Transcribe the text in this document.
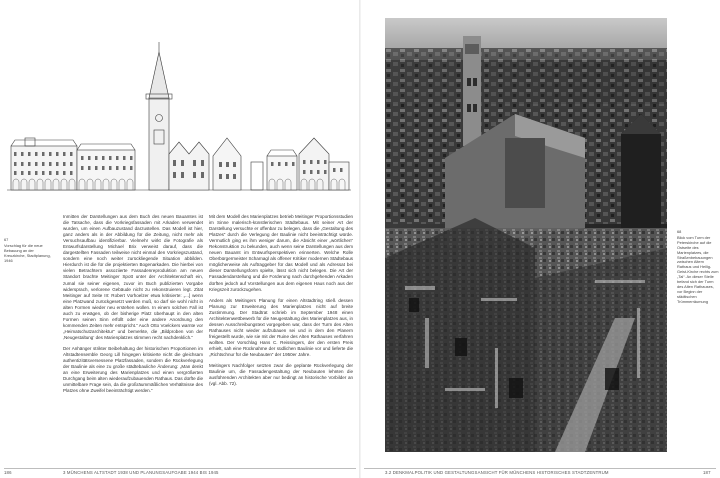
67
Vorschlag für die neue Bebauung an der Kreuzkirche, Stadtplanung, 1946

Inmitten der Darstellungen aus dem Buch des neuen Bauamtes ist die Tatsache, dass die Vorkriegsfassaden mit Arkaden verwendet wurden, um einen Aufbauzustand darzustellen. Das Modell ist hier, ganz anders als in der Abbildung für die Zeitung, nicht mehr als Versuchsaufbau identifizierbar. Vielmehr wirkt die Fotografie als Entwurfsdarstellung Michael Brix verweist darauf, dass die dargestellten Fassaden teilweise nicht einmal den Vorkriegszustand, sondern eine noch weiter zurückliegende Situation abbilden. Hierdurch ist die für die projektierten Bogenarkaden. Die hierbei von vielen Betrachtern assoziierte Fassadenreproduktion am neuen Standort brachte Meitinger Spott unter der Architektenschaft ein, zumal sie seiner eigenen, zuvor im Buch publizierten Vorgabe widersprach, verlorene Gebäude nicht zu rekonstruieren legt. Zitat Meitinger auf Seite III: Robert Vorhoelzer etwa kritisierte: „...] wenn eine Platzwand zurückgesetzt werden muß, so darf sie wohl nicht in alten Formen wieder neu erstehen wollen. In einem solchen Fall ist auch zu erwägen, ob der bisherige Platz überhaupt in den alten Formen seinen Sinn erfüllt oder eine andere Anordnung den kommenden Zeiten mehr entspricht.“ Auch Otto Voelckers warnte vor „Heimatschutzarchitektur“ und bemerkte, die „Bildproben von der ‚Neugestaltung‘ des Marienplatzes stimmen recht nachdenklich.“

Der Anhänger strikter Beibehaltung der historischen Proportionen im Altstadtensemble Georg Lill hingegen kritisierte nicht die gleichsam authentizitätsversessene Platzfassaden, sondern die Rückverlegung der Baulinie als eine zu große städtebauliche Änderung: „Man denkt an eine Erweiterung des Marienplatzes und einen vergrößerten Durchgang beim alten wiederaufzubauenden Rathaus. Das dürfte die unmittelbare Frage sein, da die großräummäßlichen Verhältnisse des Platzes ohne Zweifel beeinträchtigt werden.“

Mit dem Modell des Marienplatzes betrieb Meitinger Proportionsstudien im Sinne malerisch-künstlerischen Städtebaus. Mit seiner Art der Darstellung versuchte er offenbar zu belegen, dass die „Gestaltung des Platzes“ durch die Verlegung der Baulinie nicht beeinträchtigt würde. Vermutlich ging es ihm weniger darum, die Absicht einer „wörtlichen“ Rekonstruktion zu bekunden, auch wenn seine Darstellungen aus dem neuen Bauamt im Entwurfsperspektiven erinnerten. Welche Rolle Oberbürgermeister Scharnagl als offener Kritiker modernen Städtebaus möglicherweise als Auftraggeber für das Modell und als Adressat bei dieser Darstellungsform spielte, lässt sich nicht belegen. Die Art der Fassadendarstellung und die Forderung nach durchgehenden Arkaden dürften jedoch auf Vorstellungen aus dem eigenen Haus noch aus der Kriegszeit zurückzugehen.

Anders als Meitingers Planung für einen Altstadtring stieß dessen Planung zur Erweiterung des Marienplatzes nicht auf breite Zustimmung. Der Stadtrat schrieb im September 1948 einen Architektenwettbewerb für die Neugestaltung des Marienplatzes aus, in dessen Ausschreibungstext vorgegeben war, dass der Turm des Alten Rathauses nicht wieder aufzubauen sei und in dem den Planern freigestellt wurde, wie sie mit der Ruine des Alten Rathauses verfahren wollten. Der Vorschlag Hans C. Reissingers, der den ersten Preis erhielt, sah eine Rücknahme der südlichen Baulinie vor und lieferte die „Richtschnur für die Neubauten“ der 1950er Jahre.

Meitingers Nachfolger setzten zwar die geplante Rückverlegung der Baulinie um, die Fassadengestaltung der Neubauten lehnten die ausführenden Architekten aber nur bedingt an historische Vorbilder an (vgl. Abb. 72).

186	3 MÜNCHENS ALTSTADT 1938 UND PLANUNGSAUFGABE 1944 BIS 1945
68
Blick vom Turm der Peterskirche auf die Ostseite des Marienplatzes, die Straßenbebauungen zwischen Altem Rathaus und Heilig-Geist-Kirche rechts zum „Tal“. An dieser Stelle befand sich der Turm des Alten Rathauses, vor Beginn der städtischen Trümmerräumung
3.2 DENKMALPOLITIK UND GESTALTUNGSANSICHT FÜR MÜNCHENS HISTORISCHES STADTZENTRUM	187
